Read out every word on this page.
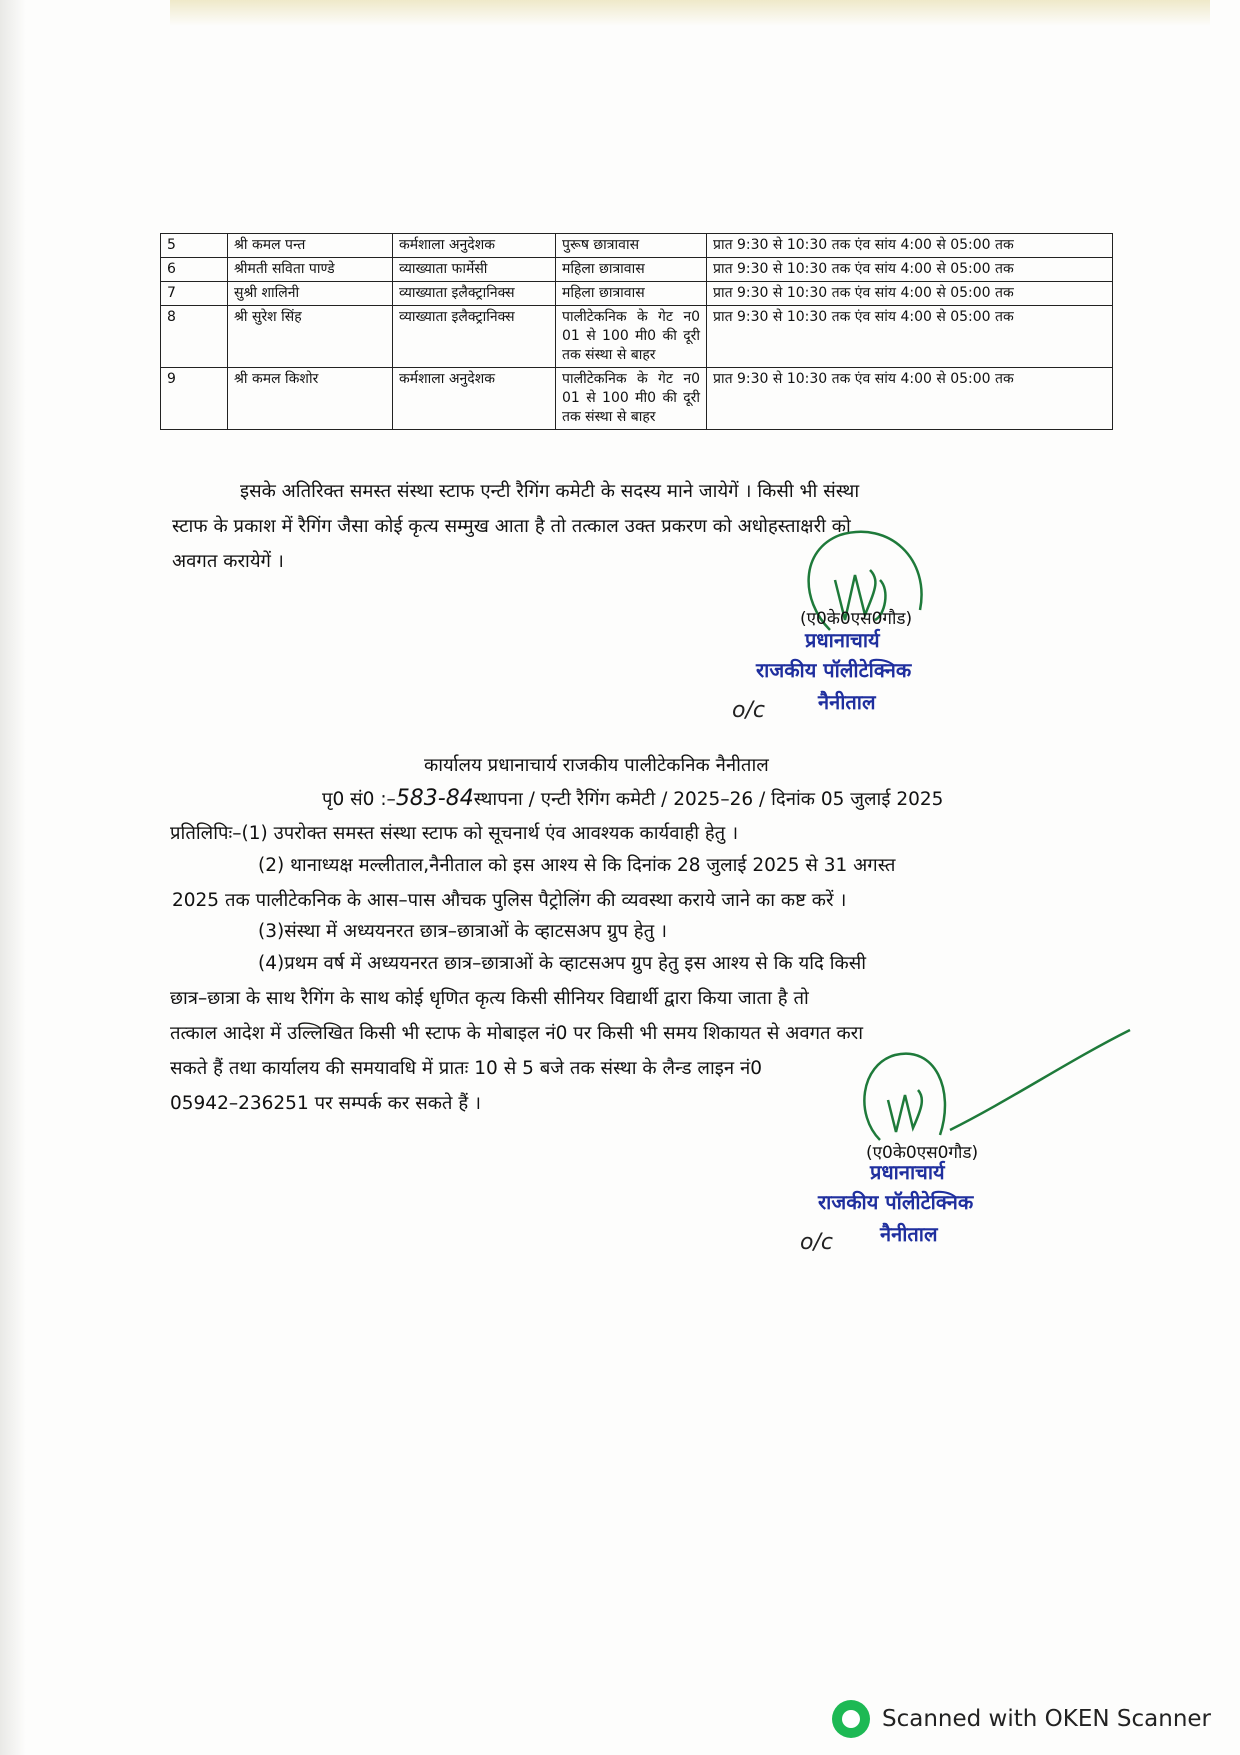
5	श्री कमल पन्त	कर्मशाला अनुदेशक	पुरूष छात्रावास	प्रात 9:30 से 10:30 तक एंव सांय 4:00 से 05:00 तक
6	श्रीमती सविता पाण्डे	व्याख्याता फार्मेसी	महिला छात्रावास	प्रात 9:30 से 10:30 तक एंव सांय 4:00 से 05:00 तक
7	सुश्री शालिनी	व्याख्याता इलैक्ट्रानिक्स	महिला छात्रावास	प्रात 9:30 से 10:30 तक एंव सांय 4:00 से 05:00 तक
8	श्री सुरेश सिंह	व्याख्याता इलैक्ट्रानिक्स	पालीटेकनिक के गेट न0 01 से 100 मी0 की दूरी तक संस्था से बाहर	प्रात 9:30 से 10:30 तक एंव सांय 4:00 से 05:00 तक
9	श्री कमल किशोर	कर्मशाला अनुदेशक	पालीटेकनिक के गेट न0 01 से 100 मी0 की दूरी तक संस्था से बाहर	प्रात 9:30 से 10:30 तक एंव सांय 4:00 से 05:00 तक
इसके अतिरिक्त समस्त संस्था स्टाफ एन्टी रैगिंग कमेटी के सदस्य माने जायेगें । किसी भी संस्था
स्टाफ के प्रकाश में रैगिंग जैसा कोई कृत्य सम्मुख आता है तो तत्काल उक्त प्रकरण को अधोहस्ताक्षरी को
अवगत करायेगें ।
(ए0के0एस0गौड)
प्रधानाचार्य
राजकीय पॉलीटेक्निक
नैनीताल
o/c
कार्यालय प्रधानाचार्य राजकीय पालीटेकनिक नैनीताल
पृ0 सं0 :–583-84स्थापना / एन्टी रैगिंग कमेटी / 2025–26 / दिनांक 05 जुलाई 2025
प्रतिलिपिः–(1) उपरोक्त समस्त संस्था स्टाफ को सूचनार्थ एंव आवश्यक कार्यवाही हेतु ।
(2) थानाध्यक्ष मल्लीताल,नैनीताल को इस आश्य से कि दिनांक 28 जुलाई 2025 से 31 अगस्त
2025 तक पालीटेकनिक के आस–पास औचक पुलिस पैट्रोलिंग की व्यवस्था कराये जाने का कष्ट करें ।
(3)संस्था में अध्ययनरत छात्र–छात्राओं के व्हाटसअप ग्रुप हेतु ।
(4)प्रथम वर्ष में अध्ययनरत छात्र–छात्राओं के व्हाटसअप ग्रुप हेतु इस आश्य से कि यदि किसी
छात्र–छात्रा के साथ रैगिंग के साथ कोई धृणित कृत्य किसी सीनियर विद्यार्थी द्वारा किया जाता है तो
तत्काल आदेश में उल्लिखित किसी भी स्टाफ के मोबाइल नं0 पर किसी भी समय शिकायत से अवगत करा
सकते हैं तथा कार्यालय की समयावधि में प्रातः 10 से 5 बजे तक संस्था के लैन्ड लाइन नं0
05942–236251 पर सम्पर्क कर सकते हैं ।
(ए0के0एस0गौड)
प्रधानाचार्य
राजकीय पॉलीटेक्निक
नैनीताल
o/c
Scanned with OKEN Scanner
